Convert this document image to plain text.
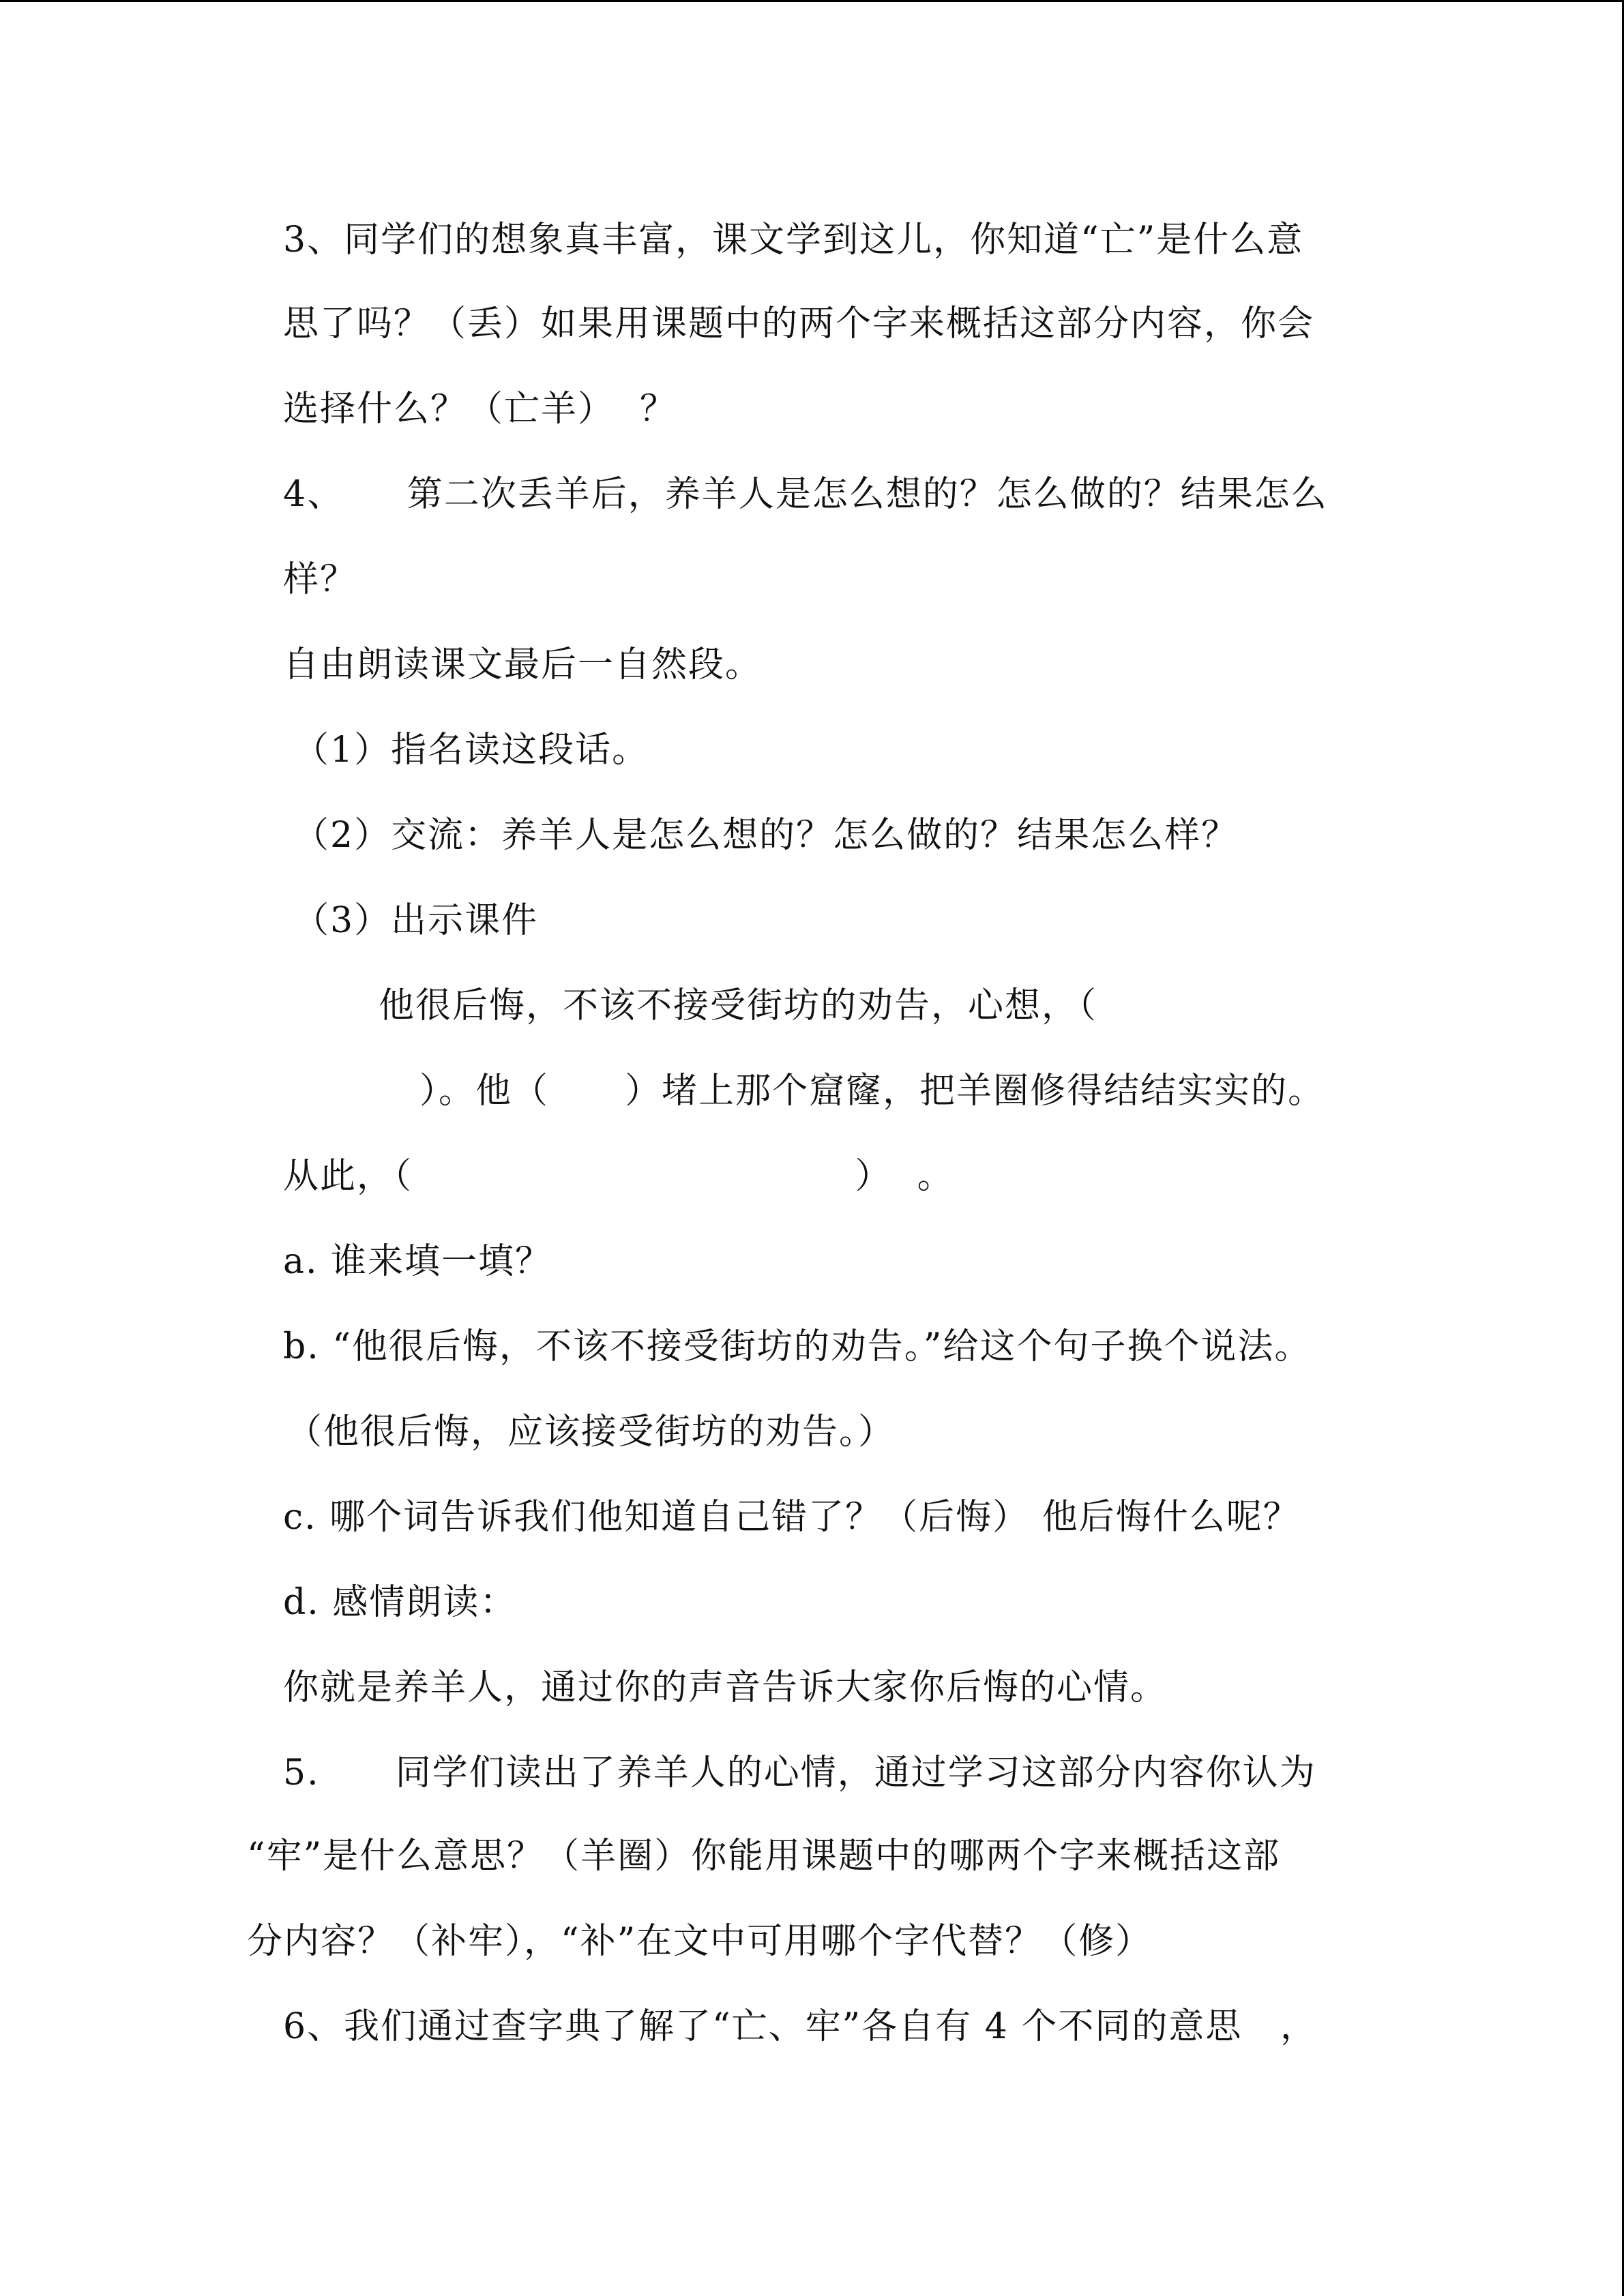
3、同学们的想象真丰富，课文学到这儿，你知道“亡”是什么意
思了吗？（丢）如果用课题中的两个字来概括这部分内容，你会
选择什么？（亡羊）  ？
4、     第二次丢羊后，养羊人是怎么想的？怎么做的？结果怎么
样？
自由朗读课文最后一自然段。
（1）指名读这段话。
（2）交流：养羊人是怎么想的？怎么做的？结果怎么样？
（3）出示课件
他很后悔，不该不接受街坊的劝告，心想，（
）。他（      ）堵上那个窟窿，把羊圈修得结结实实的。
从此，（                                   ）  。
a. 谁来填一填？
b. “他很后悔，不该不接受街坊的劝告。”给这个句子换个说法。
（他很后悔，应该接受街坊的劝告。）
c. 哪个词告诉我们他知道自己错了？（后悔） 他后悔什么呢？
d. 感情朗读：
你就是养羊人，通过你的声音告诉大家你后悔的心情。
5.      同学们读出了养羊人的心情，通过学习这部分内容你认为
“牢”是什么意思？（羊圈）你能用课题中的哪两个字来概括这部
分内容？（补牢），“补”在文中可用哪个字代替？（修）
6、我们通过查字典了解了“亡、牢”各自有 4 个不同的意思   ，
